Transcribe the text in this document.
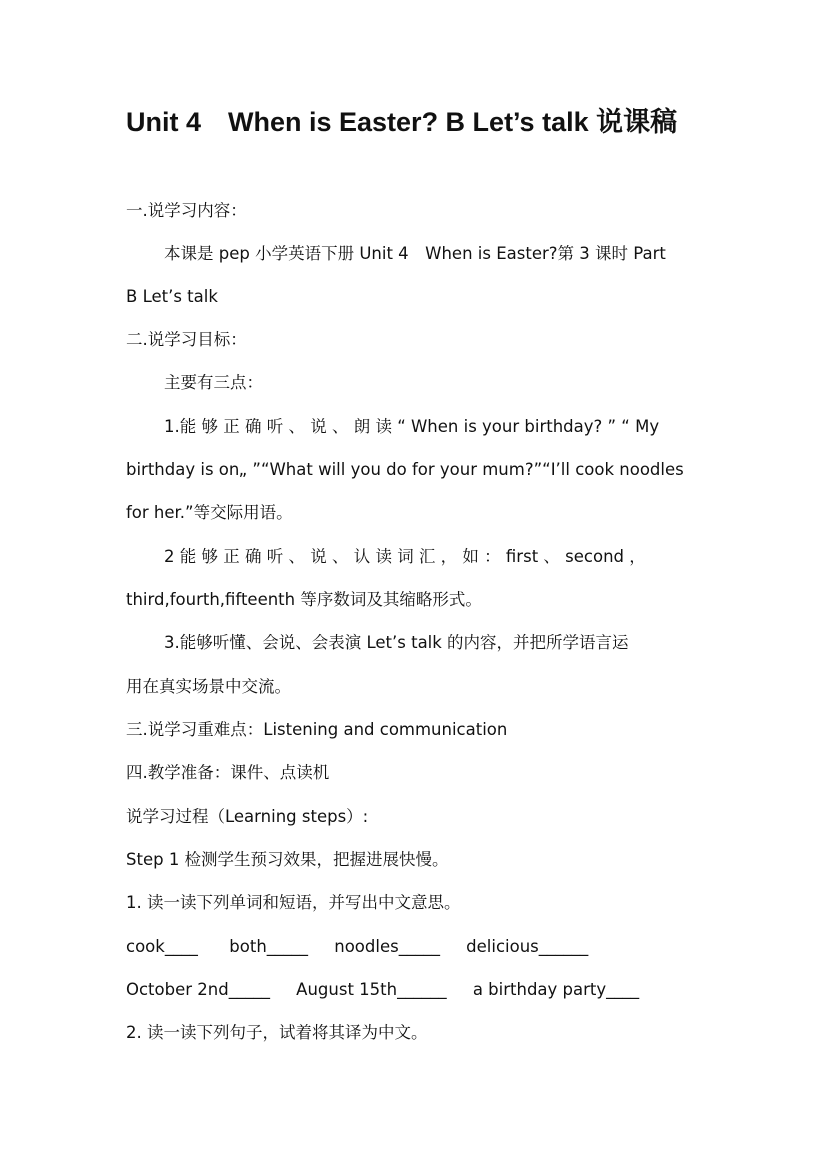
Unit 4　When is Easter? B Let’s talk 说课稿
一.说学习内容：
本课是 pep 小学英语下册 Unit 4　When is Easter?第 3 课时 Part
B Let’s talk
二.说学习目标：
主要有三点：
1.能 够 正 确 听 、 说 、 朗 读 “ When is your birthday? ” “ My
birthday is on„ ”“What will you do for your mum?”“I’ll cook noodles
for her.”等交际用语。
2 能 够 正 确 听 、 说 、 认 读 词 汇 ， 如 ： first 、 second ，
third,fourth,fifteenth 等序数词及其缩略形式。
3.能够听懂、会说、会表演 Let’s talk 的内容，并把所学语言运
用在真实场景中交流。
三.说学习重难点：Listening and communication
四.教学准备：课件、点读机
说学习过程（Learning steps）:
Step 1 检测学生预习效果，把握进展快慢。
1. 读一读下列单词和短语，并写出中文意思。
cook____      both_____     noodles_____     delicious______
October 2nd_____     August 15th______     a birthday party____
2. 读一读下列句子，试着将其译为中文。
